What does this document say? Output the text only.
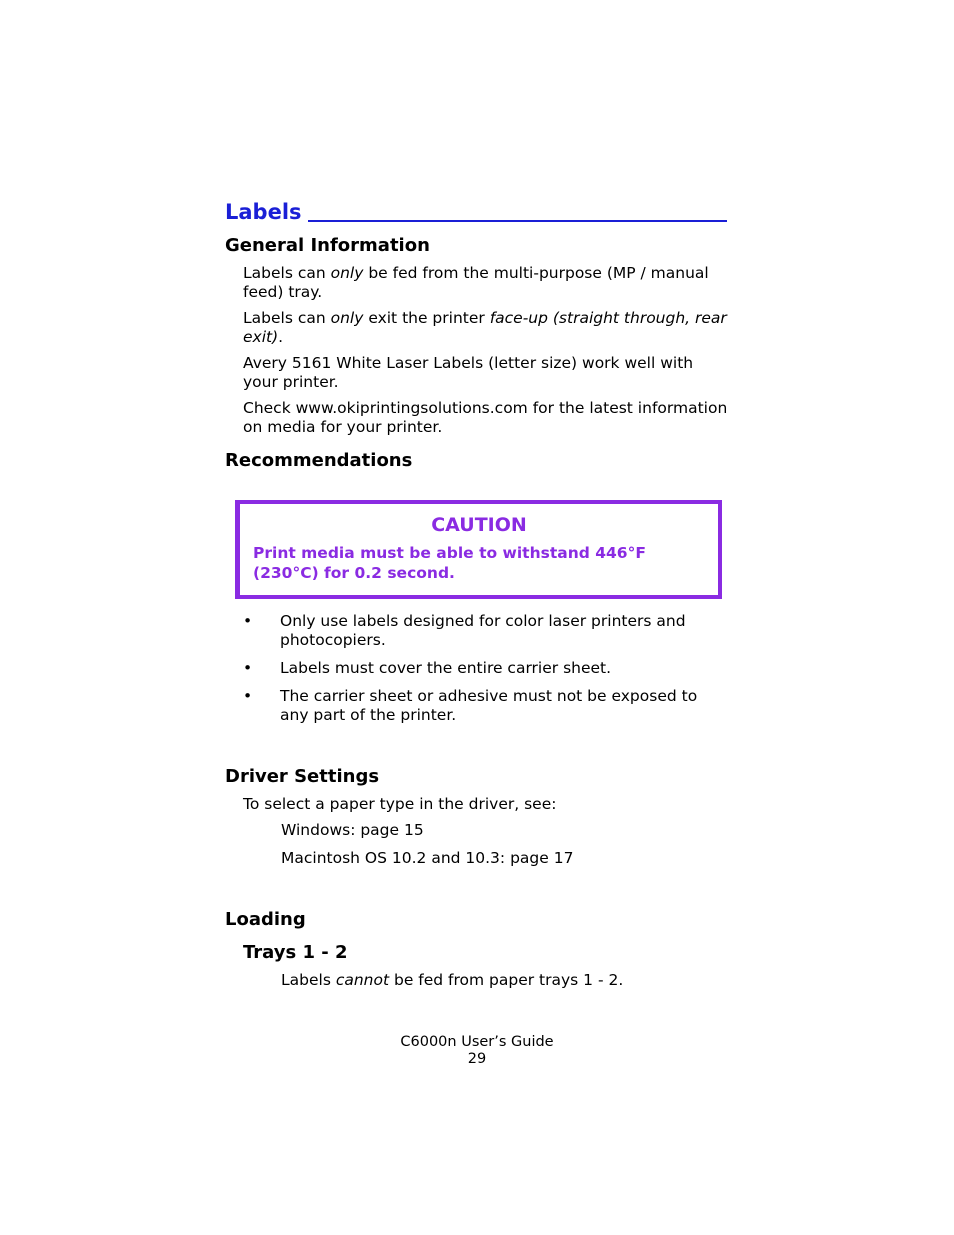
Labels
General Information
Labels can only be fed from the multi-purpose (MP / manual feed) tray.
Labels can only exit the printer face-up (straight through, rear exit).
Avery 5161 White Laser Labels (letter size) work well with your printer.
Check www.okiprintingsolutions.com for the latest information on media for your printer.
Recommendations
CAUTION
Print media must be able to withstand 446°F (230°C) for 0.2 second.
• Only use labels designed for color laser printers and photocopiers.
• Labels must cover the entire carrier sheet.
• The carrier sheet or adhesive must not be exposed to any part of the printer.
Driver Settings
To select a paper type in the driver, see:
Windows: page 15
Macintosh OS 10.2 and 10.3: page 17
Loading
Trays 1 - 2
Labels cannot be fed from paper trays 1 - 2.
C6000n User’s Guide
29
